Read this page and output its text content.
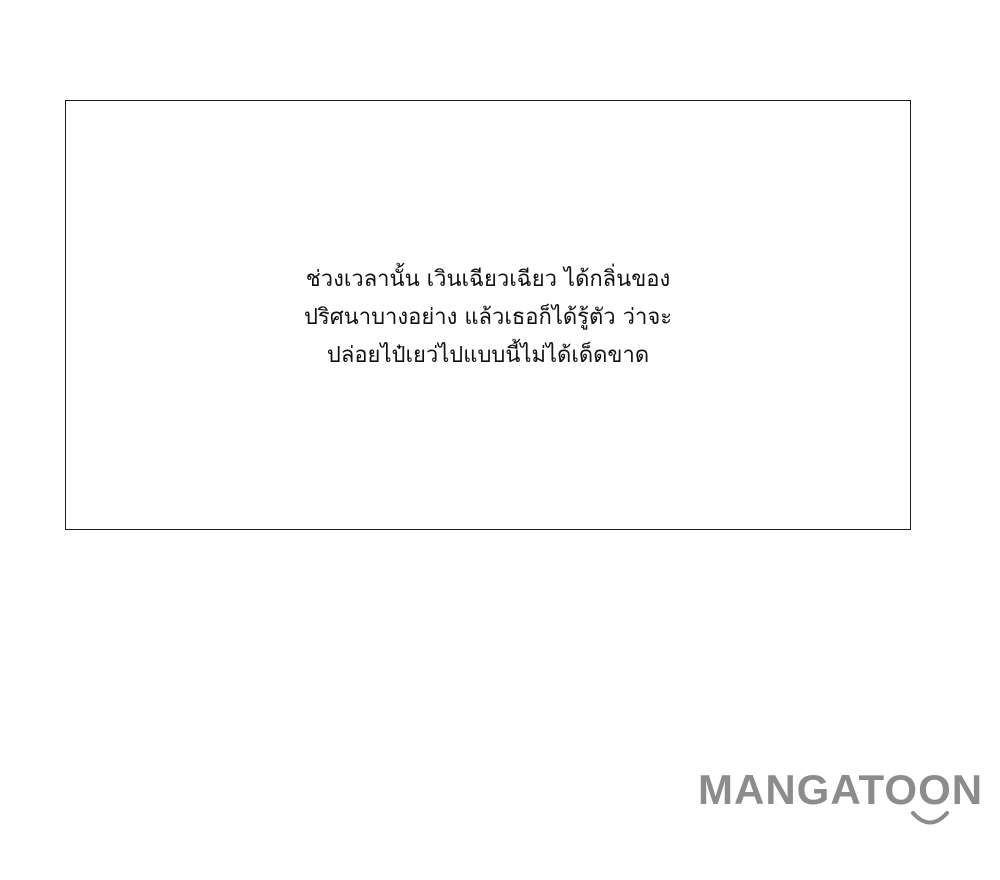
ช่วงเวลานั้น เวินเฉียวเฉียว ได้กลิ่นของ
ปริศนาบางอย่าง แล้วเธอก็ได้รู้ตัว ว่าจะ
ปล่อยไป๋เยว่ไปแบบนี้ไม่ได้เด็ดขาด
MANGATOON
